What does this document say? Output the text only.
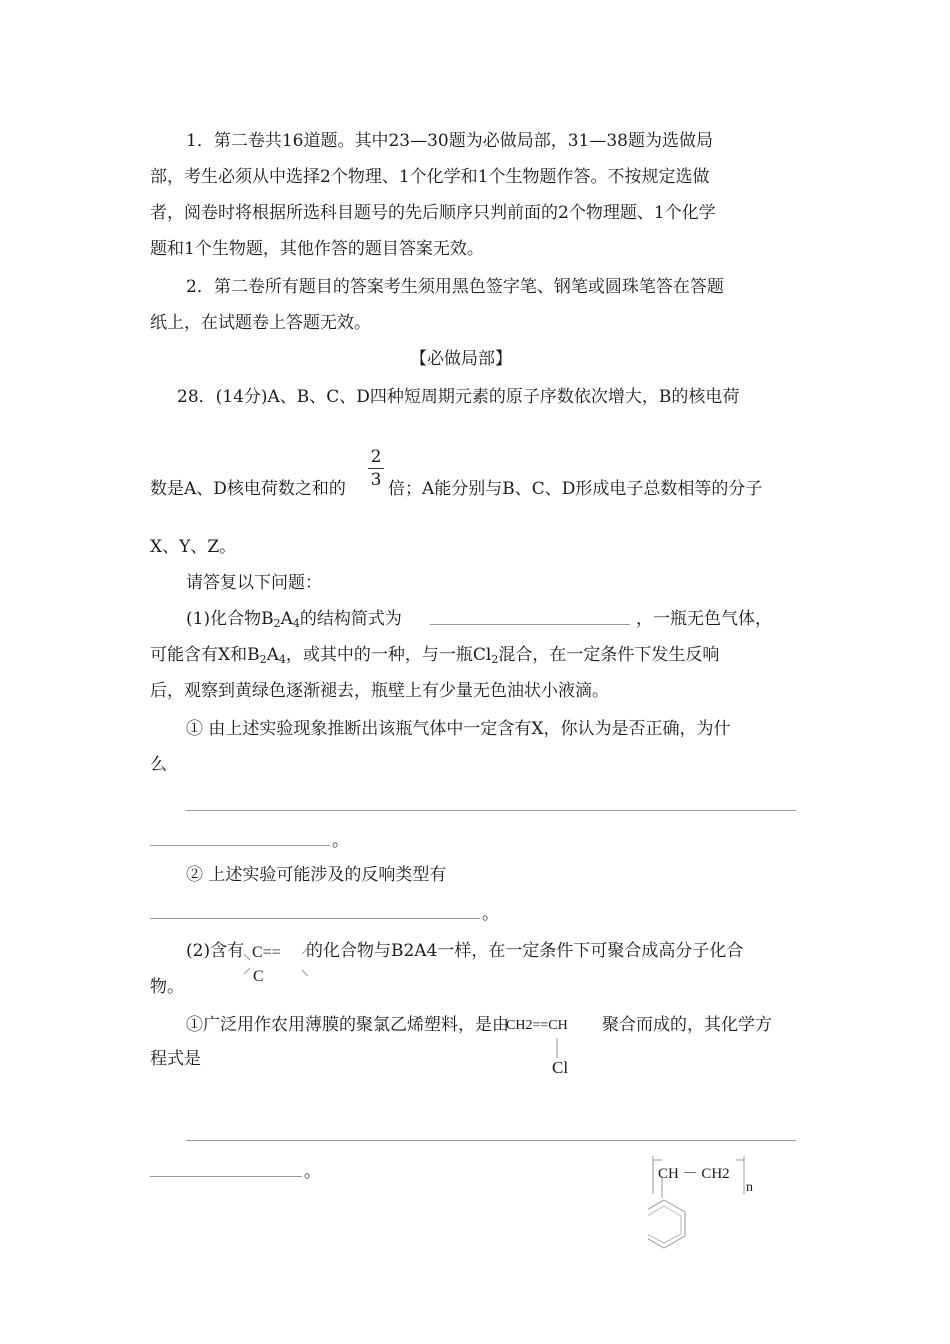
1．第二卷共16道题。其中23—30题为必做局部，31—38题为选做局
部，考生必须从中选择2个物理、1个化学和1个生物题作答。不按规定选做
者，阅卷时将根据所选科目题号的先后顺序只判前面的2个物理题、1个化学
题和1个生物题，其他作答的题目答案无效。
2．第二卷所有题目的答案考生须用黑色签字笔、钢笔或圆珠笔答在答题
纸上，在试题卷上答题无效。
【必做局部】
28．(14分)A、B、C、D四种短周期元素的原子序数依次增大，B的核电荷
数是A、D核电荷数之和的
2
3 倍；A能分别与B、C、D形成电子总数相等的分子
X、Y、Z。
请答复以下问题：
(1)化合物$B_2A_4$的结构简式为	，一瓶无色气体，
可能含有X和$B_2A_4$，或其中的一种，与一瓶$Cl_2$混合，在一定条件下发生反响
后，观察到黄绿色逐渐褪去，瓶壁上有少量无色油状小液滴。
① 由上述实验现象推断出该瓶气体中一定含有X，你认为是否正确，为什
么
。
② 上述实验可能涉及的反响类型有
。
(2)含有 C==
C
的化合物与B2A4一样，在一定条件下可聚合成高分子化合
物。
①广泛用作农用薄膜的聚氯乙烯塑料，是由
CH2==CH
Cl
聚合而成的，其化学方
程式是
。	CH － CH2
n
